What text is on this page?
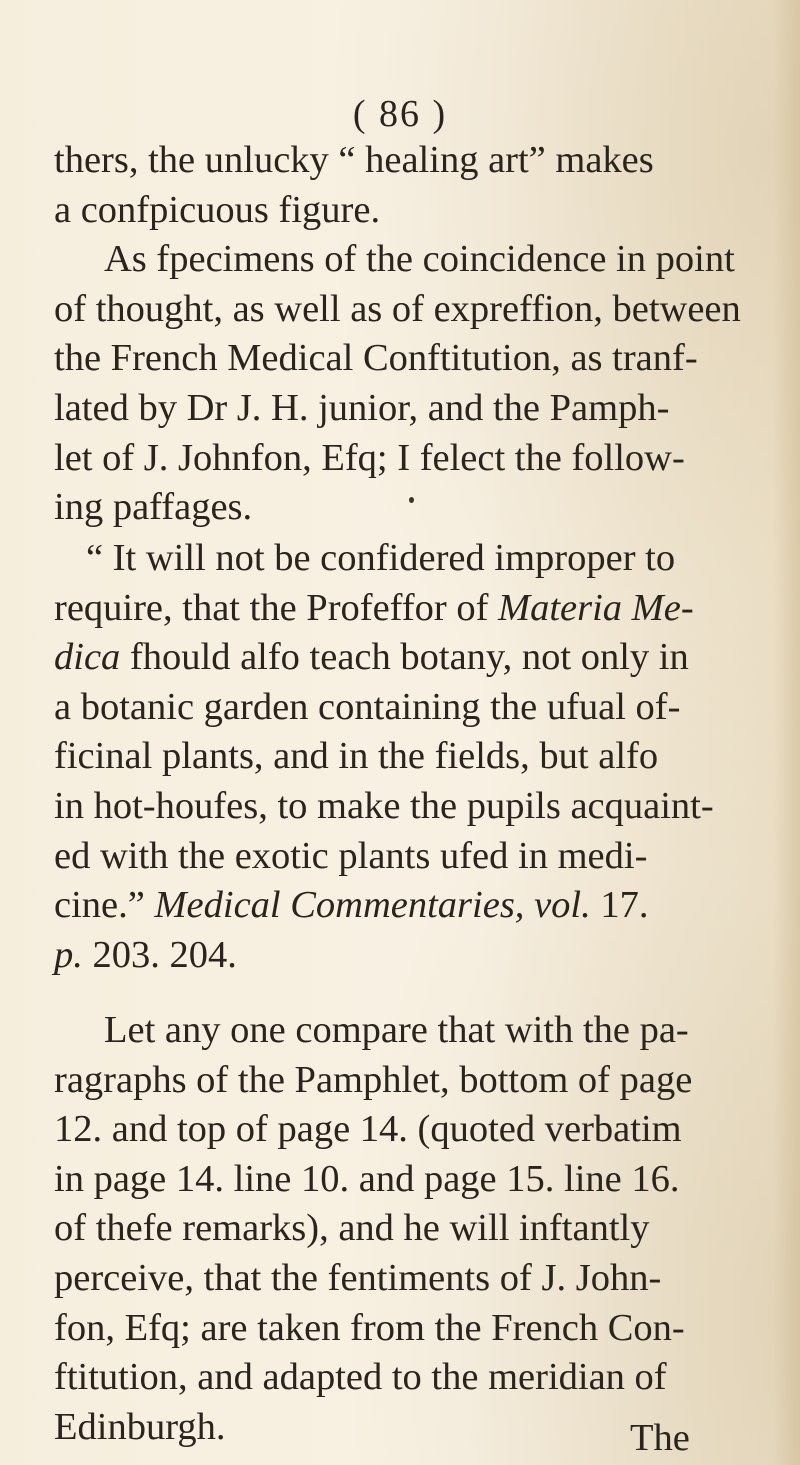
( 86 )
thers, the unlucky “ healing art” makes
a confpicuous figure.
As fpecimens of the coincidence in point
of thought, as well as of expreffion, between
the French Medical Conftitution, as tranf-
lated by Dr J. H. junior, and the Pamph-
let of J. Johnfon, Efq; I felect the follow-
ing paffages.
“ It will not be confidered improper to
require, that the Profeffor of Materia Me-
dica fhould alfo teach botany, not only in
a botanic garden containing the ufual of-
ficinal plants, and in the fields, but alfo
in hot-houfes, to make the pupils acquaint-
ed with the exotic plants ufed in medi-
cine.” Medical Commentaries, vol. 17.
p. 203. 204.
Let any one compare that with the pa-
ragraphs of the Pamphlet, bottom of page
12. and top of page 14. (quoted verbatim
in page 14. line 10. and page 15. line 16.
of thefe remarks), and he will inftantly
perceive, that the fentiments of J. John-
fon, Efq; are taken from the French Con-
ftitution, and adapted to the meridian of
Edinburgh.	The
